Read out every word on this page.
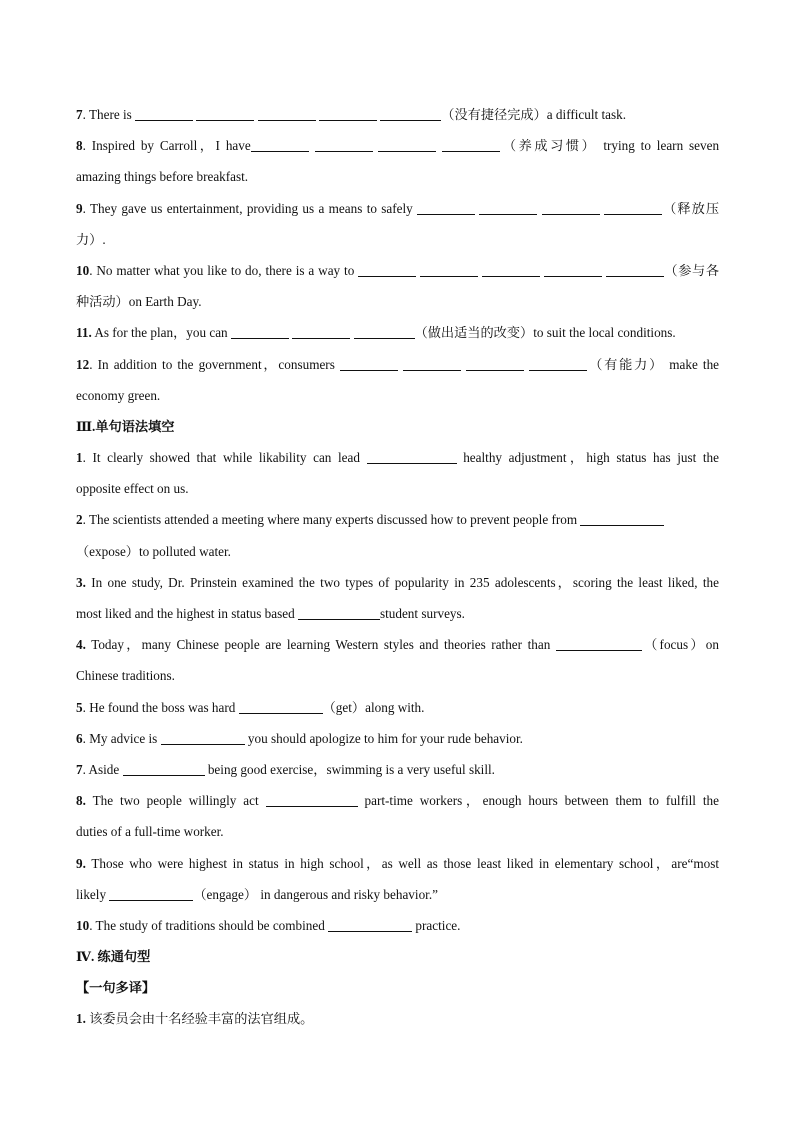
7. There is	（没有捷径完成）a difficult task.
8. Inspired by Carroll，I have	（养成习惯） trying to learn seven
amazing things before breakfast.
9. They gave us entertainment, providing us a means to safely	（释放压
力）.
10. No matter what you like to do, there is a way to	（参与各
种活动）on Earth Day.
11. As for the plan，you can	（做出适当的改变）to suit the local conditions.
12. In addition to the government，consumers	（有能力） make the
economy green.
Ⅲ.单句语法填空
1. It clearly showed that while likability can lead	healthy adjustment，high status has just the
opposite effect on us.
2. The scientists attended a meeting where many experts discussed how to prevent people from
（expose）to polluted water.
3. In one study, Dr. Prinstein examined the two types of popularity in 235 adolescents，scoring the least liked, the
most liked and the highest in status based	student surveys.
4. Today，many Chinese people are learning Western styles and theories rather than	（focus）on
Chinese traditions.
5. He found the boss was hard	（get）along with.
6. My advice is	you should apologize to him for your rude behavior.
7. Aside	being good exercise，swimming is a very useful skill.
8. The two people willingly act	part-time workers，enough hours between them to fulfill the
duties of a full-time worker.
9. Those who were highest in status in high school，as well as those least liked in elementary school，are“most
likely	（engage） in dangerous and risky behavior.”
10. The study of traditions should be combined	practice.
Ⅳ. 练通句型
【一句多译】
1. 该委员会由十名经验丰富的法官组成。
